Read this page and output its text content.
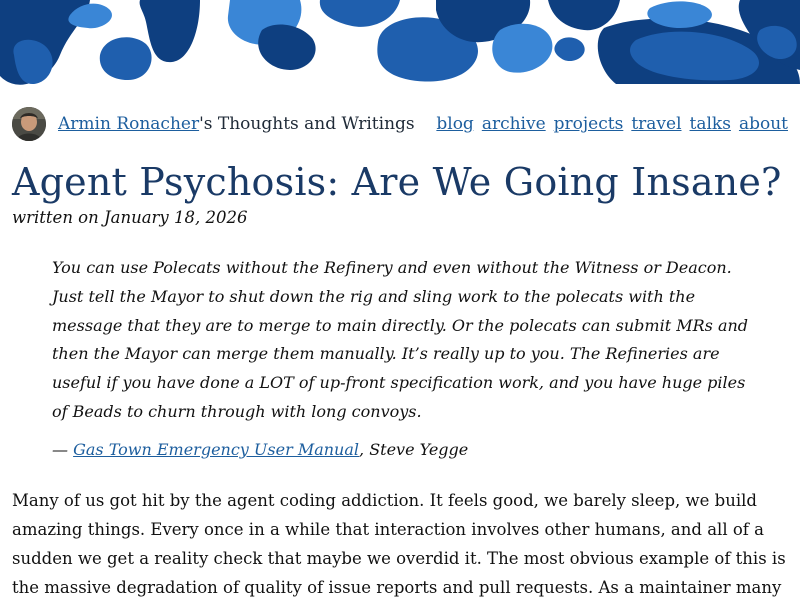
Armin Ronacher's Thoughts and Writings blog archive projects travel talks about
Agent Psychosis: Are We Going Insane?
written on January 18, 2026
You can use Polecats without the Refinery and even without the Witness or Deacon. Just tell the Mayor to shut down the rig and sling work to the polecats with the message that they are to merge to main directly. Or the polecats can submit MRs and then the Mayor can merge them manually. It’s really up to you. The Refineries are useful if you have done a LOT of up-front specification work, and you have huge piles of Beads to churn through with long convoys.
— Gas Town Emergency User Manual, Steve Yegge

Many of us got hit by the agent coding addiction. It feels good, we barely sleep, we build amazing things. Every once in a while that interaction involves other humans, and all of a sudden we get a reality check that maybe we overdid it. The most obvious example of this is the massive degradation of quality of issue reports and pull requests. As a maintainer many
